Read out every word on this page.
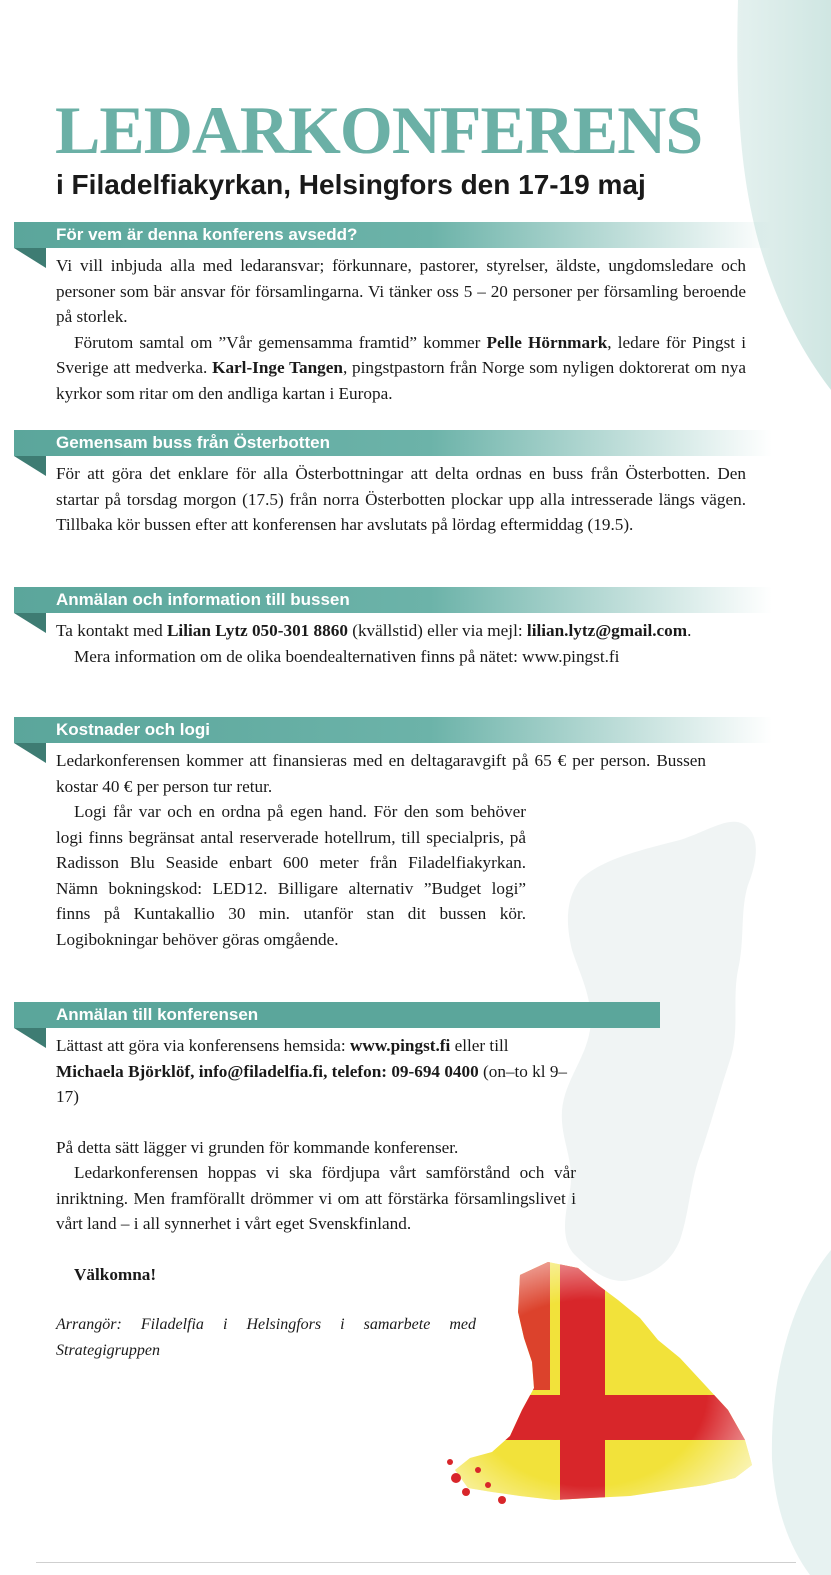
LEDARKONFERENS
i Filadelfiakyrkan, Helsingfors den 17-19 maj
För vem är denna konferens avsedd?

Vi vill inbjuda alla med ledaransvar; förkunnare, pastorer, styrelser, äldste, ungdomsledare och personer som bär ansvar för församlingarna. Vi tänker oss 5 – 20 personer per församling beroende på storlek.

Förutom samtal om ”Vår gemensamma framtid” kommer Pelle Hörnmark, ledare för Pingst i Sverige att medverka. Karl-Inge Tangen, pingstpastorn från Norge som nyligen doktorerat om nya kyrkor som ritar om den andliga kartan i Europa.

Gemensam buss från Österbotten

För att göra det enklare för alla Österbottningar att delta ordnas en buss från Österbotten. Den startar på torsdag morgon (17.5) från norra Österbotten plockar upp alla intresserade längs vägen. Tillbaka kör bussen efter att konferensen har avslutats på lördag eftermiddag (19.5).

Anmälan och information till bussen

Ta kontakt med Lilian Lytz 050-301 8860 (kvällstid) eller via mejl: lilian.lytz@gmail.com.

Mera information om de olika boendealternativen finns på nätet: www.pingst.fi

Kostnader och logi

Ledarkonferensen kommer att finansieras med en deltagaravgift på 65 € per person. Bussen kostar 40 € per person tur retur.

Logi får var och en ordna på egen hand. För den som behöver logi finns begränsat antal reserverade hotellrum, till specialpris, på Radisson Blu Seaside enbart 600 meter från Filadelfiakyrkan. Nämn bokningskod: LED12. Billigare alternativ ”Budget logi” finns på Kuntakallio 30 min. utanför stan dit bussen kör. Logibokningar behöver göras omgående.

Anmälan till konferensen

Lättast att göra via konferensens hemsida: www.pingst.fi eller till Michaela Björklöf, info@filadelfia.fi, telefon: 09-694 0400 (on–to kl 9–17)

På detta sätt lägger vi grunden för kommande konferenser.

Ledarkonferensen hoppas vi ska fördjupa vårt samförstånd och vår inriktning. Men framförallt drömmer vi om att förstärka församlingslivet i vårt land – i all synnerhet i vårt eget Svenskfinland.

Välkomna!

Arrangör: Filadelfia i Helsingfors i samarbete med Strategigruppen
